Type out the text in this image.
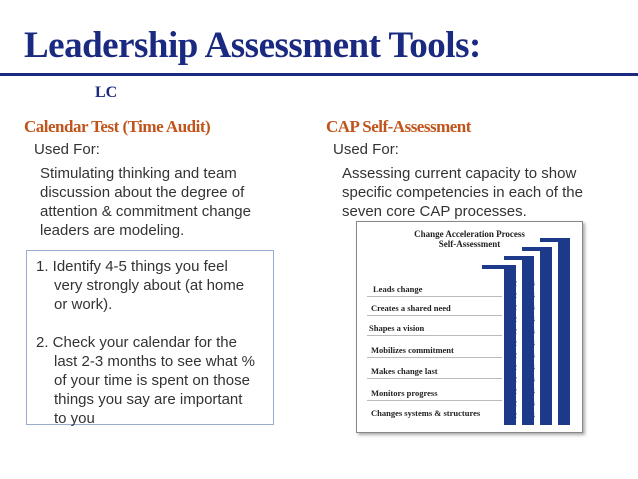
Leadership Assessment Tools:
LC
Calendar Test (Time Audit)
Used For:
Stimulating thinking and team
discussion about the degree of
attention & commitment change
leaders are modeling.
1. Identify 4-5 things you feel
very strongly about (at home
or work).
2. Check your calendar for the
last 2-3 months to see what %
of your time is spent on those
things you say are important
to you
CAP Self-Assessment
Used For:
Assessing current capacity to show
specific competencies in each of the
seven core CAP processes.
Change Acceleration Process
Self-Assessment
Leads change
Creates a shared need
Shapes a vision
Mobilizes commitment
Makes change last
Monitors progress
Changes systems & structures
1 2 3 4
1 2 3 4
1 2 3 4 5
1 2 3 4 5
1 2 3 4 5
1 2 3 4 5
1 2 3 4 5
1 2 3 4 5
1 2 3 4 5
1 2 3 4 5
1 2 3 4 5
1 2 3 4 5
